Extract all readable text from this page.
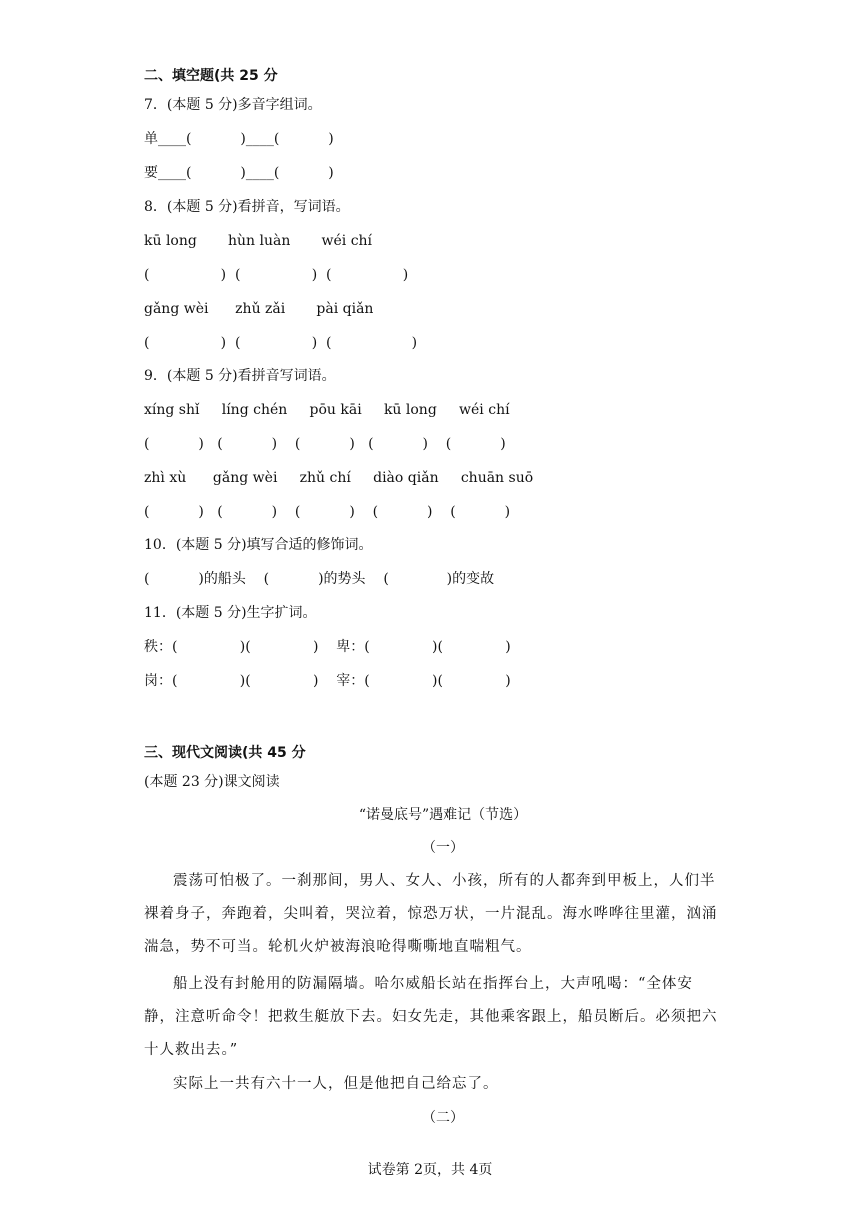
二、填空题(共 25 分
7．(本题 5 分)多音字组词。
单____(           )____(           )
要____(           )____(           )
8．(本题 5 分)看拼音，写词语。
kū long       hùn luàn       wéi chí
(                )  (                )  (                )
gǎng wèi      zhǔ zǎi       pài qiǎn
(                )  (                )  (                  )
9．(本题 5 分)看拼音写词语。
xíng shǐ     líng chén     pōu kāi     kū long     wéi chí
(           )   (           )    (           )   (           )    (           )
zhì xù      gǎng wèi     zhǔ chí     diào qiǎn     chuān suō
(           )   (           )    (           )    (           )    (           )
10．(本题 5 分)填写合适的修饰词。
(           )的船头    (           )的势头    (             )的变故
11．(本题 5 分)生字扩词。
秩：(              )(              )    卑：(              )(              )
岗：(              )(              )    宰：(              )(              )
三、现代文阅读(共 45 分
(本题 23 分)课文阅读
“诺曼底号”遇难记（节选）
（一）
震荡可怕极了。一刹那间，男人、女人、小孩，所有的人都奔到甲板上，人们半裸着身子，奔跑着，尖叫着，哭泣着，惊恐万状，一片混乱。海水哗哗往里灌，汹涌湍急，势不可当。轮机火炉被海浪呛得嘶嘶地直喘粗气。
船上没有封舱用的防漏隔墙。哈尔威船长站在指挥台上，大声吼喝：“全体安静，注意听命令！把救生艇放下去。妇女先走，其他乘客跟上，船员断后。必须把六十人救出去。”
实际上一共有六十一人，但是他把自己给忘了。
（二）
试卷第 2页，共 4页
